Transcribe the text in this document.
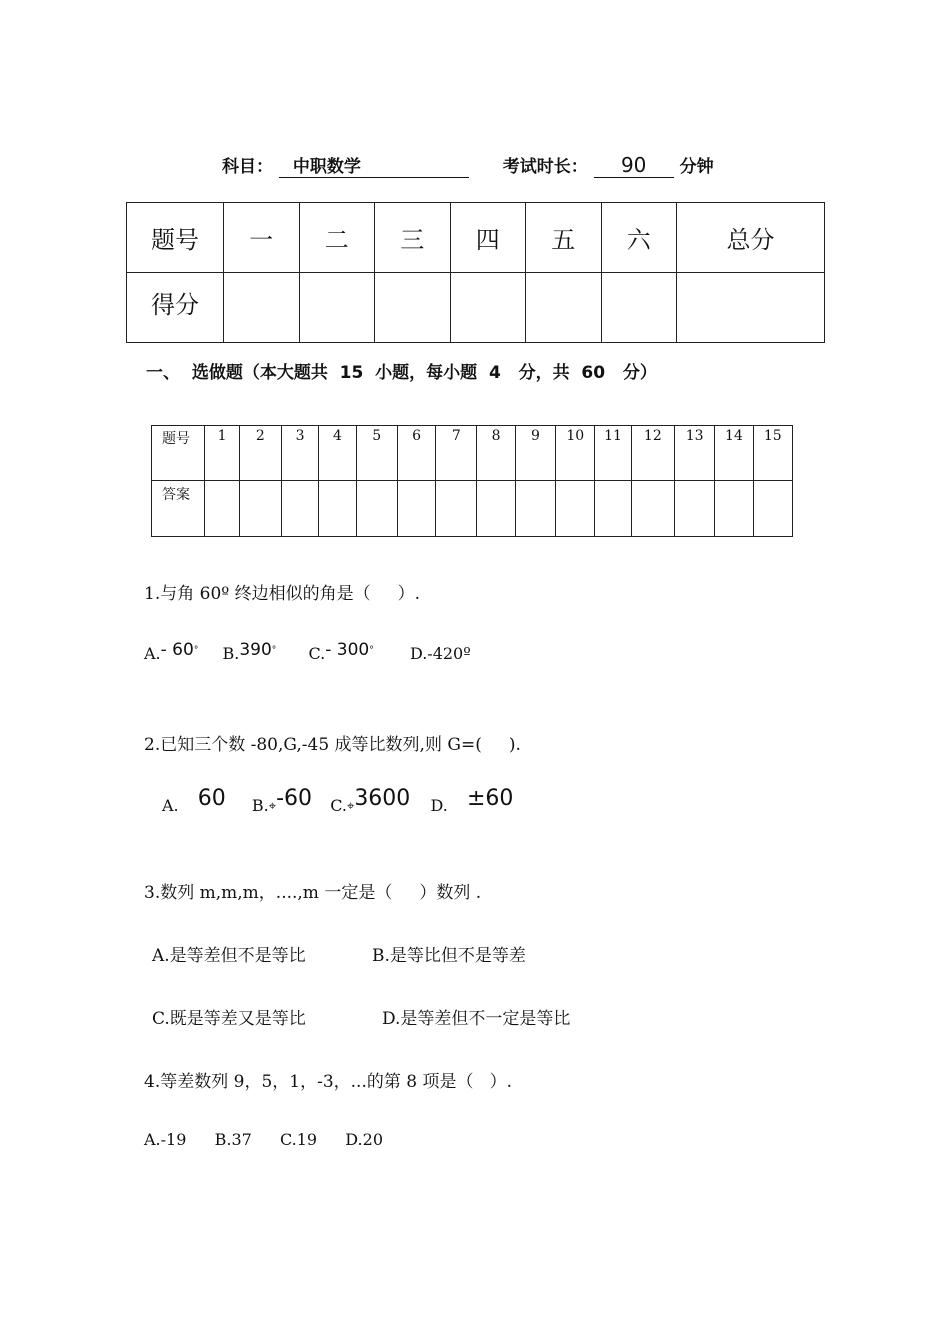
科目： 中职数学	考试时长： 90 分钟
题号	一	二	三	四	五	六	总分
得分							
一、  选做题（本大题共  15  小题，每小题  4   分，共  60   分）
题号	1	2	3	4	5	6	7	8	9	10	11	12	13	14	15
答案															
1.与角 60º 终边相似的角是（     ）.
A.- 60° B.390° C.- 300° D.-420º
2.已知三个数 -80,G,-45 成等比数列,则 G=(     ).
A. 60 $B._⌖-60$ $C._⌖3600$ D. ±60
3.数列 m,m,m，....,m 一定是（     ）数列 .
A.是等差但不是等比	B.是等比但不是等差
C.既是等差又是等比	D.是等差但不一定是等比
4.等差数列 9，5，1，-3，...的第 8 项是（   ）.
A.-19 B.37 C.19 D.20
